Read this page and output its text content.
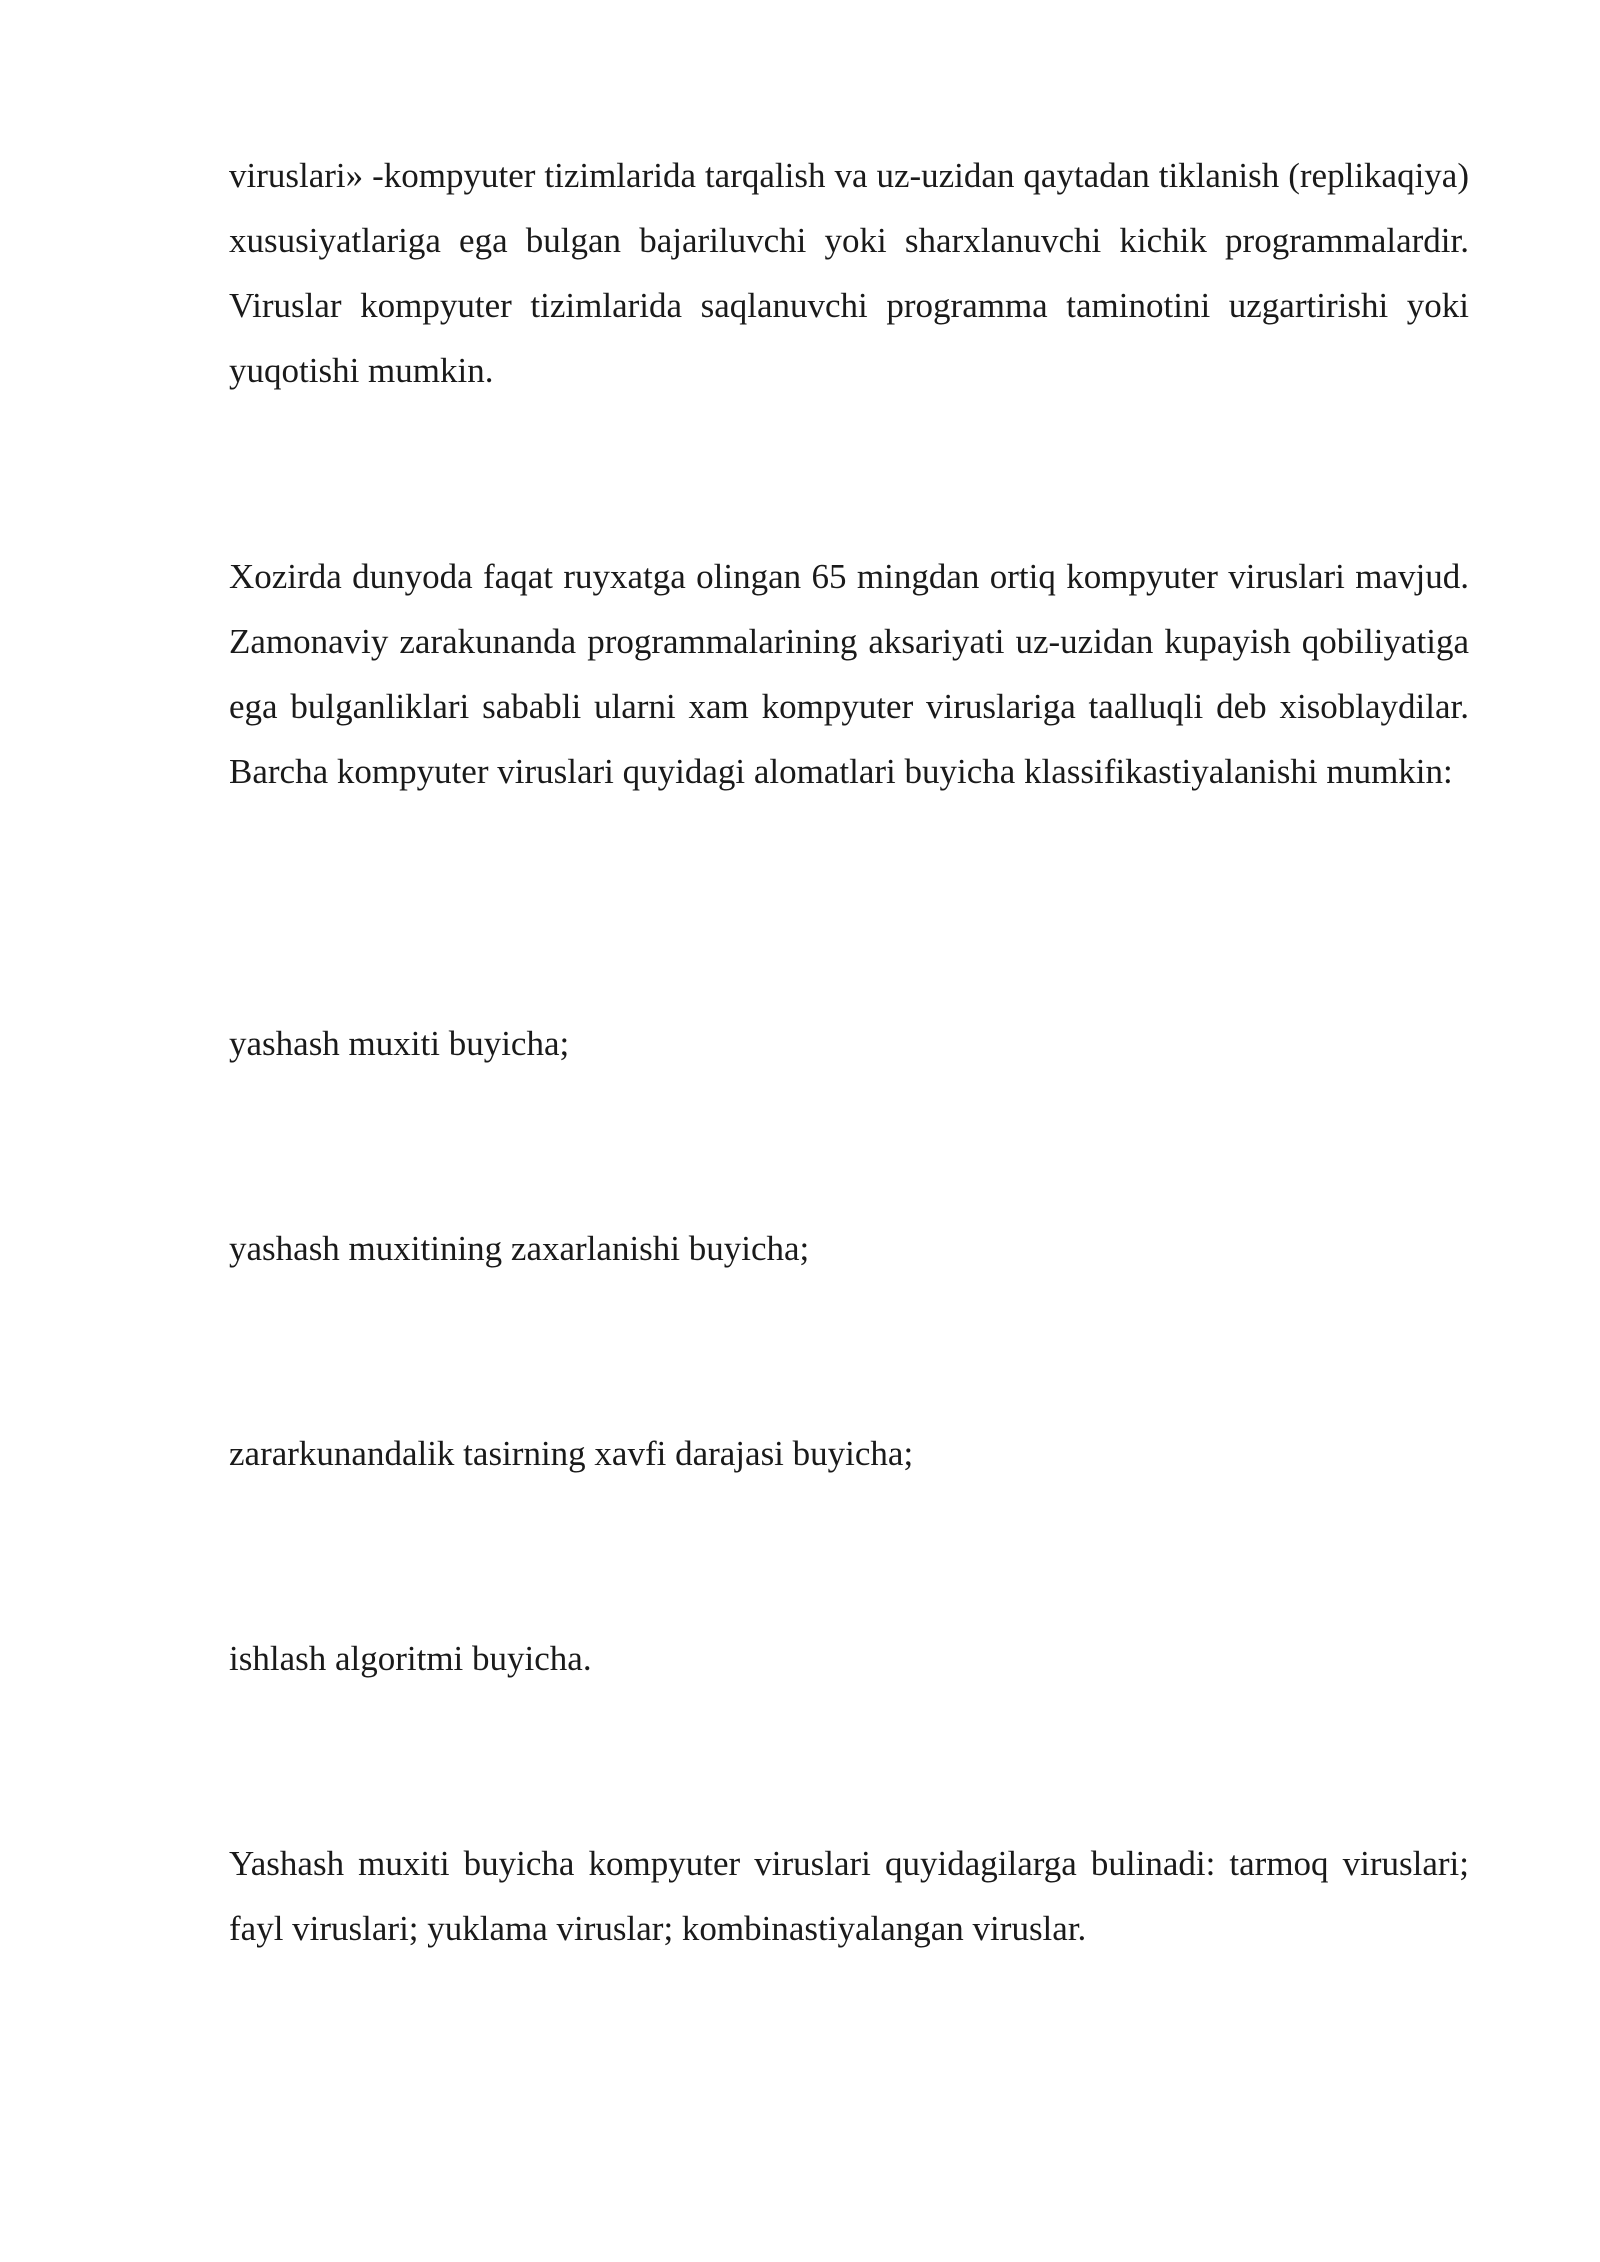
viruslari» -kompyuter tizimlarida tarqalish va uz-uzidan qaytadan tiklanish (replikaqiya) xususiyatlariga ega bulgan bajariluvchi yoki sharxlanuvchi kichik programmalardir. Viruslar kompyuter tizimlarida saqlanuvchi programma taminotini uzgartirishi yoki yuqotishi mumkin.

Xozirda dunyoda faqat ruyxatga olingan 65 mingdan ortiq kompyuter viruslari mavjud. Zamonaviy zarakunanda programmalarining aksariyati uz-uzidan kupayish qobiliyatiga ega bulganliklari sababli ularni xam kompyuter viruslariga taalluqli deb xisoblaydilar. Barcha kompyuter viruslari quyidagi alomatlari buyicha klassifikastiyalanishi mumkin:

yashash muxiti buyicha;

yashash muxitining zaxarlanishi buyicha;

zararkunandalik tasirning xavfi darajasi buyicha;

ishlash algoritmi buyicha.

Yashash muxiti buyicha kompyuter viruslari quyidagilarga bulinadi: tarmoq viruslari; fayl viruslari; yuklama viruslar; kombinastiyalangan viruslar.
